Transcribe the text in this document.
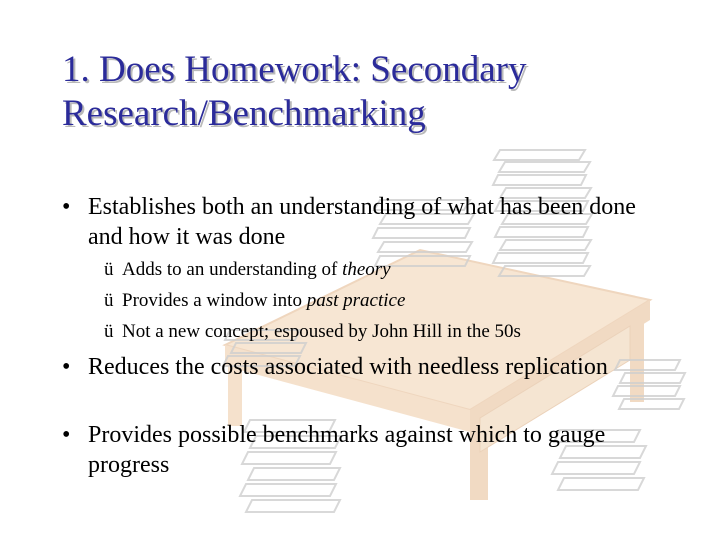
1. Does Homework: Secondary
Research/Benchmarking
• Establishes both an understanding of what has been done and how it was done
ü Adds to an understanding of theory
ü Provides a window into past practice
ü Not a new concept; espoused by John Hill in the 50s
• Reduces the costs associated with needless replication
• Provides possible benchmarks against which to gauge progress
